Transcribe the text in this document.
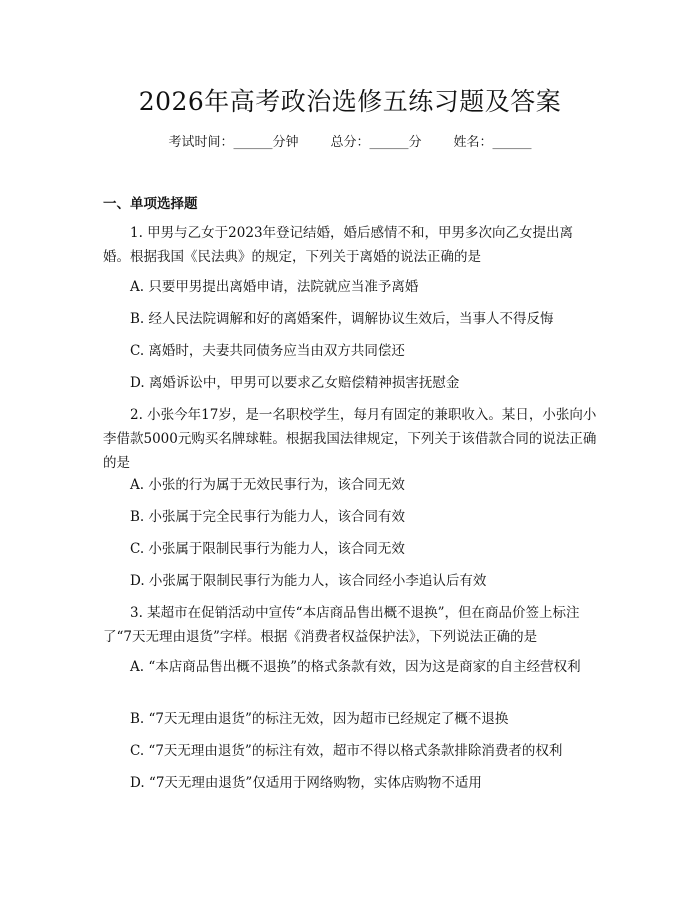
2026年高考政治选修五练习题及答案
考试时间：______分钟 总分：______分 姓名：______
一、单项选择题
1. 甲男与乙女于2023年登记结婚，婚后感情不和，甲男多次向乙女提出离婚。根据我国《民法典》的规定，下列关于离婚的说法正确的是
A. 只要甲男提出离婚申请，法院就应当准予离婚
B. 经人民法院调解和好的离婚案件，调解协议生效后，当事人不得反悔
C. 离婚时，夫妻共同债务应当由双方共同偿还
D. 离婚诉讼中，甲男可以要求乙女赔偿精神损害抚慰金
2. 小张今年17岁，是一名职校学生，每月有固定的兼职收入。某日，小张向小李借款5000元购买名牌球鞋。根据我国法律规定，下列关于该借款合同的说法正确的是
A. 小张的行为属于无效民事行为，该合同无效
B. 小张属于完全民事行为能力人，该合同有效
C. 小张属于限制民事行为能力人，该合同无效
D. 小张属于限制民事行为能力人，该合同经小李追认后有效
3. 某超市在促销活动中宣传“本店商品售出概不退换”，但在商品价签上标注了“7天无理由退货”字样。根据《消费者权益保护法》，下列说法正确的是
A. “本店商品售出概不退换”的格式条款有效，因为这是商家的自主经营权利
B. “7天无理由退货”的标注无效，因为超市已经规定了概不退换
C. “7天无理由退货”的标注有效，超市不得以格式条款排除消费者的权利
D. “7天无理由退货”仅适用于网络购物，实体店购物不适用
